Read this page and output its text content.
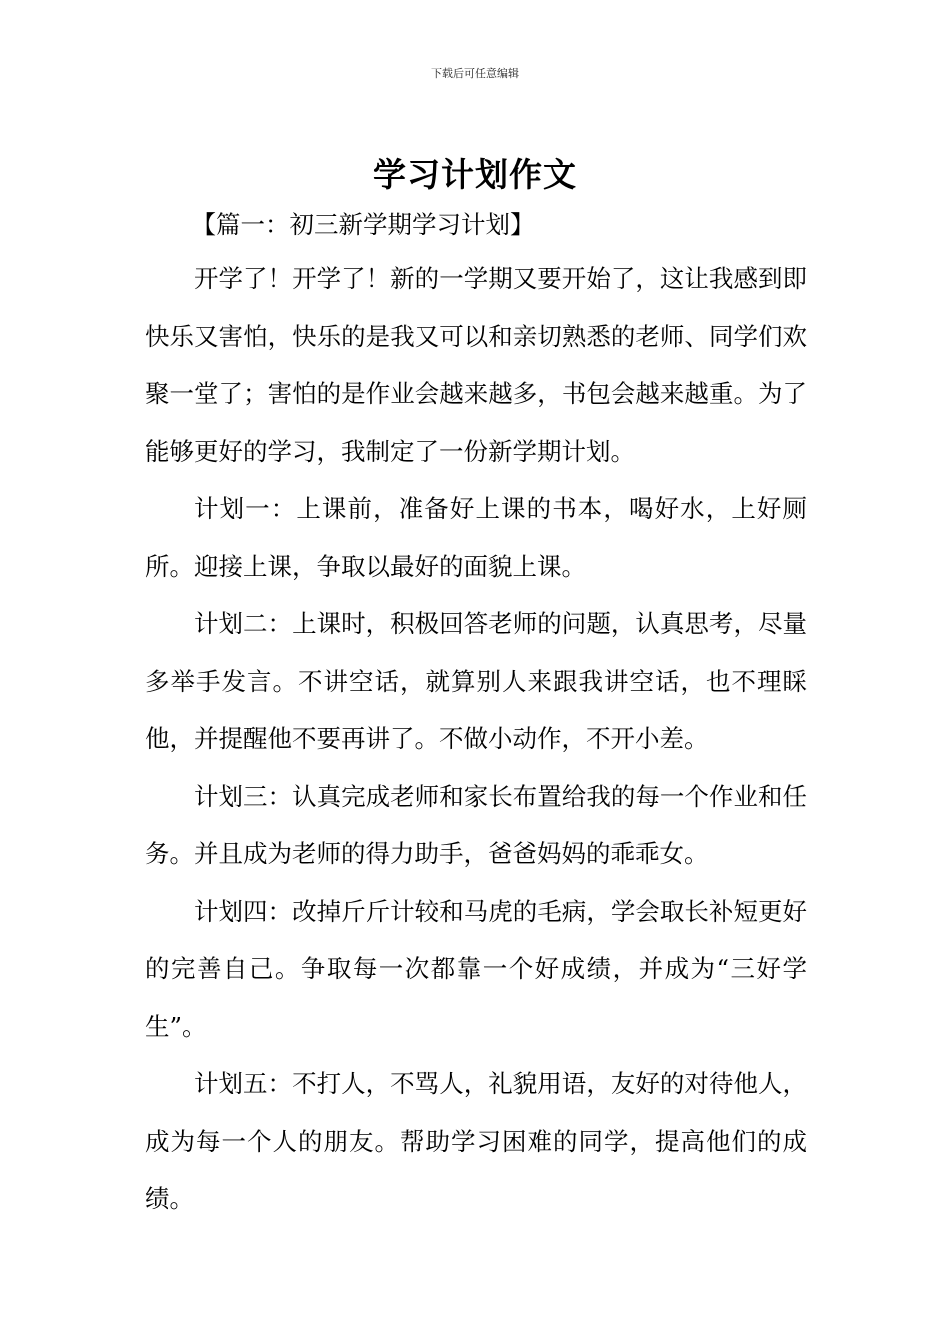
下载后可任意编辑
学习计划作文

【篇一：初三新学期学习计划】

开学了！开学了！新的一学期又要开始了，这让我感到即快乐又害怕，快乐的是我又可以和亲切熟悉的老师、同学们欢聚一堂了；害怕的是作业会越来越多，书包会越来越重。为了能够更好的学习，我制定了一份新学期计划。

计划一：上课前，准备好上课的书本，喝好水，上好厕所。迎接上课，争取以最好的面貌上课。

计划二：上课时，积极回答老师的问题，认真思考，尽量多举手发言。不讲空话，就算别人来跟我讲空话，也不理睬他，并提醒他不要再讲了。不做小动作，不开小差。

计划三：认真完成老师和家长布置给我的每一个作业和任务。并且成为老师的得力助手，爸爸妈妈的乖乖女。

计划四：改掉斤斤计较和马虎的毛病，学会取长补短更好的完善自己。争取每一次都靠一个好成绩，并成为“三好学生”。

计划五：不打人，不骂人，礼貌用语，友好的对待他人，成为每一个人的朋友。帮助学习困难的同学，提高他们的成绩。
